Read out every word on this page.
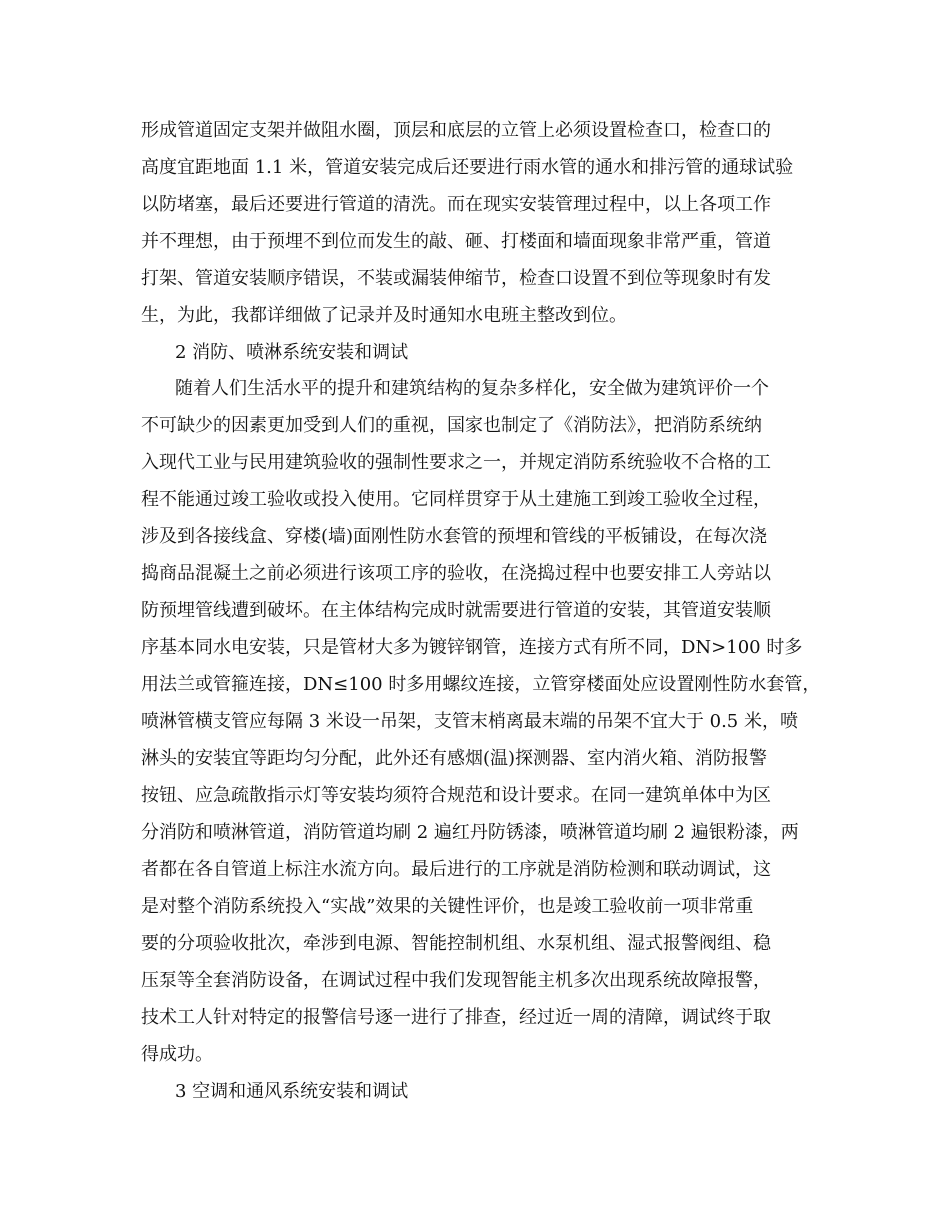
形成管道固定支架并做阻水圈，顶层和底层的立管上必须设置检查口，检查口的
高度宜距地面 1.1 米，管道安装完成后还要进行雨水管的通水和排污管的通球试验
以防堵塞，最后还要进行管道的清洗。而在现实安装管理过程中，以上各项工作
并不理想，由于预埋不到位而发生的敲、砸、打楼面和墙面现象非常严重，管道
打架、管道安装顺序错误，不装或漏装伸缩节，检查口设置不到位等现象时有发
生，为此，我都详细做了记录并及时通知水电班主整改到位。
2 消防、喷淋系统安装和调试
随着人们生活水平的提升和建筑结构的复杂多样化，安全做为建筑评价一个
不可缺少的因素更加受到人们的重视，国家也制定了《消防法》，把消防系统纳
入现代工业与民用建筑验收的强制性要求之一，并规定消防系统验收不合格的工
程不能通过竣工验收或投入使用。它同样贯穿于从土建施工到竣工验收全过程，
涉及到各接线盒、穿楼(墙)面刚性防水套管的预埋和管线的平板铺设，在每次浇
捣商品混凝土之前必须进行该项工序的验收，在浇捣过程中也要安排工人旁站以
防预埋管线遭到破坏。在主体结构完成时就需要进行管道的安装，其管道安装顺
序基本同水电安装，只是管材大多为镀锌钢管，连接方式有所不同，DN>100 时多
用法兰或管箍连接，DN≤100 时多用螺纹连接，立管穿楼面处应设置刚性防水套管，
喷淋管横支管应每隔 3 米设一吊架，支管末梢离最末端的吊架不宜大于 0.5 米，喷
淋头的安装宜等距均匀分配，此外还有感烟(温)探测器、室内消火箱、消防报警
按钮、应急疏散指示灯等安装均须符合规范和设计要求。在同一建筑单体中为区
分消防和喷淋管道，消防管道均刷 2 遍红丹防锈漆，喷淋管道均刷 2 遍银粉漆，两
者都在各自管道上标注水流方向。最后进行的工序就是消防检测和联动调试，这
是对整个消防系统投入“实战”效果的关键性评价，也是竣工验收前一项非常重
要的分项验收批次，牵涉到电源、智能控制机组、水泵机组、湿式报警阀组、稳
压泵等全套消防设备，在调试过程中我们发现智能主机多次出现系统故障报警，
技术工人针对特定的报警信号逐一进行了排查，经过近一周的清障，调试终于取
得成功。
3 空调和通风系统安装和调试
